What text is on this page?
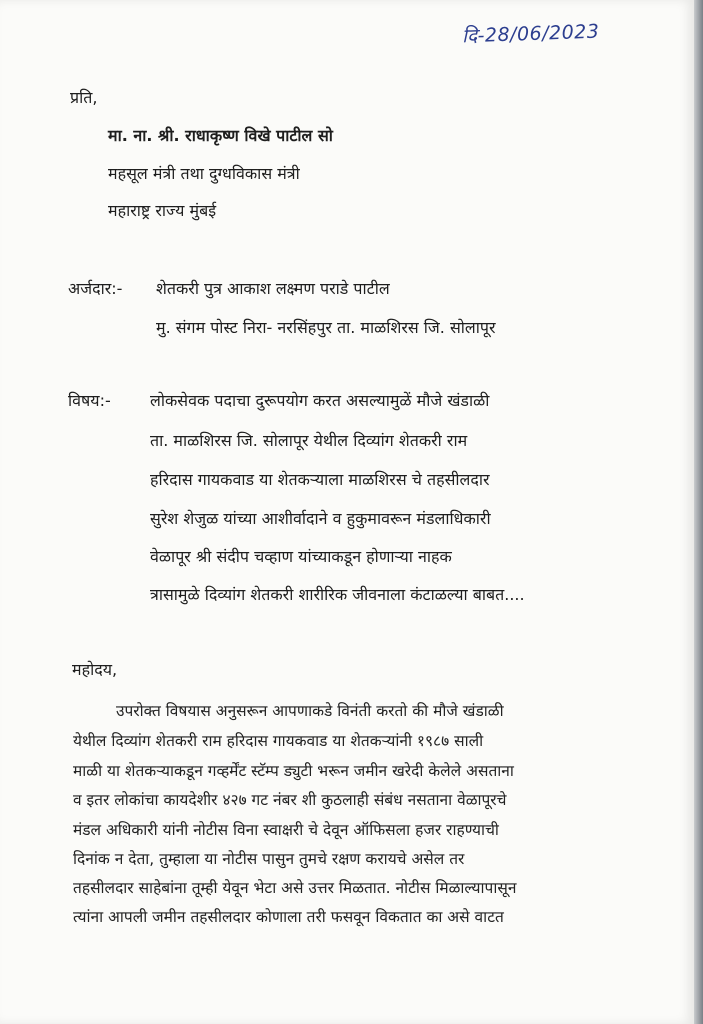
दि-28/06/2023
प्रति,
मा. ना. श्री. राधाकृष्ण विखे पाटील सो
महसूल मंत्री तथा दुग्धविकास मंत्री
महाराष्ट्र राज्य मुंबई
अर्जदार:- शेतकरी पुत्र आकाश लक्ष्मण पराडे पाटील
मु. संगम पोस्ट निरा- नरसिंहपुर ता. माळशिरस जि. सोलापूर
विषय:- लोकसेवक पदाचा दुरूपयोग करत असल्यामुळें मौजे खंडाळी
ता. माळशिरस जि. सोलापूर येथील दिव्यांग शेतकरी राम
हरिदास गायकवाड या शेतकऱ्याला माळशिरस चे तहसीलदार
सुरेश शेजुळ यांच्या आशीर्वादाने व हुकुमावरून मंडलाधिकारी
वेळापूर श्री संदीप चव्हाण यांच्याकडून होणाऱ्या नाहक
त्रासामुळे दिव्यांग शेतकरी शारीरिक जीवनाला कंटाळल्या बाबत....
महोदय,
उपरोक्त विषयास अनुसरून आपणाकडे विनंती करतो की मौजे खंडाळी
येथील दिव्यांग शेतकरी राम हरिदास गायकवाड या शेतकऱ्यांनी १९८७ साली
माळी या शेतकऱ्याकडून गव्हर्मेंट स्टॅम्प ड्युटी भरून जमीन खरेदी केलेले असताना
व इतर लोकांचा कायदेशीर ४२७ गट नंबर शी कुठलाही संबंध नसताना वेळापूरचे
मंडल अधिकारी यांनी नोटीस विना स्वाक्षरी चे देवून ऑफिसला हजर राहण्याची
दिनांक न देता, तुम्हाला या नोटीस पासुन तुमचे रक्षण करायचे असेल तर
तहसीलदार साहेबांना तूम्ही येवून भेटा असे उत्तर मिळतात. नोटीस मिळाल्यापासून
त्यांना आपली जमीन तहसीलदार कोणाला तरी फसवून विकतात का असे वाटत
